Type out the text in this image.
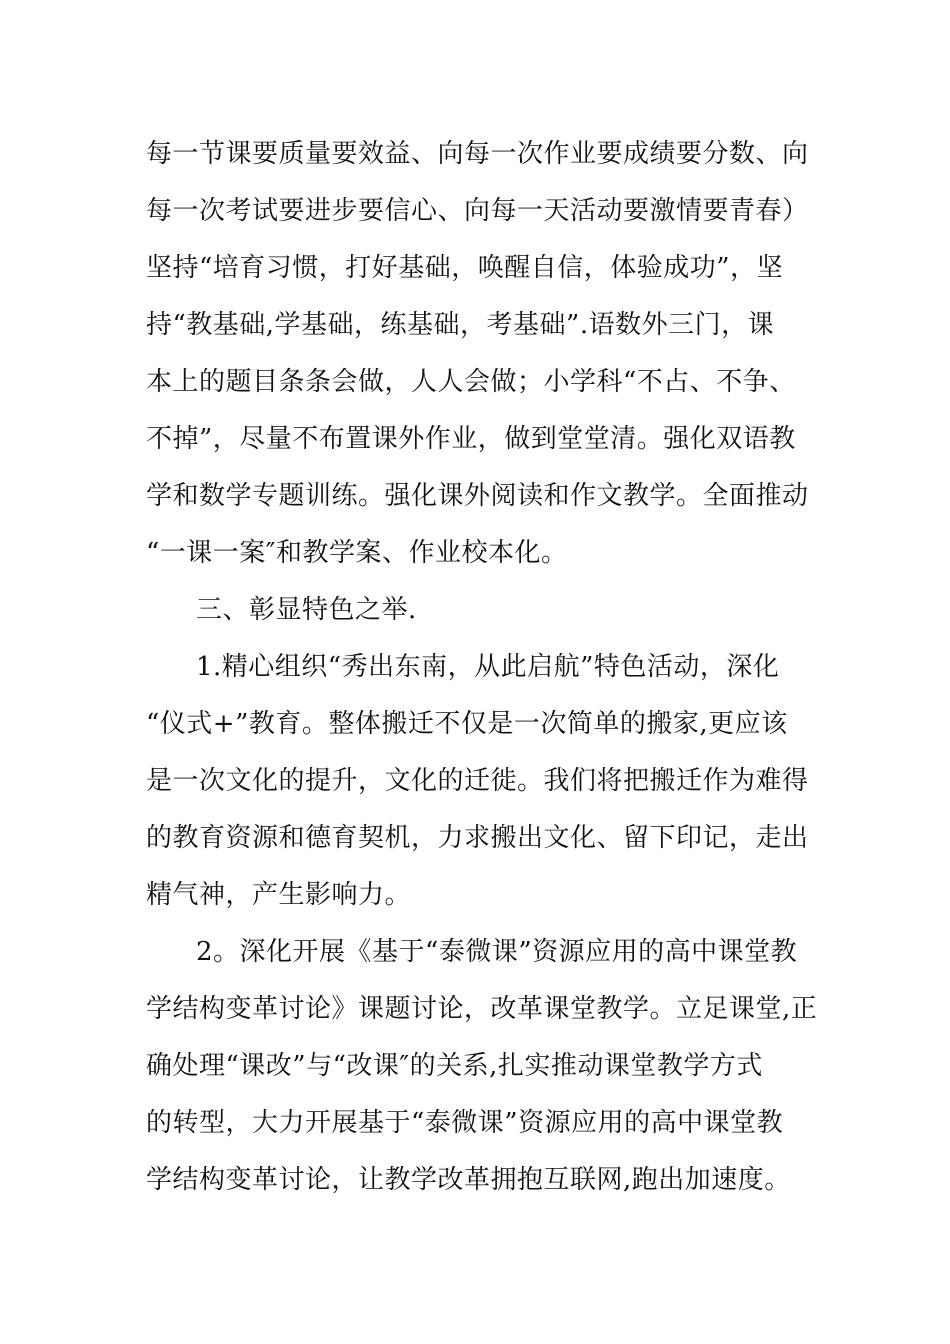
每一节课要质量要效益、向每一次作业要成绩要分数、向
每一次考试要进步要信心、向每一天活动要激情要青春）
坚持“培育习惯，打好基础，唤醒自信，体验成功”，坚
持“教基础,学基础，练基础，考基础”.语数外三门，课
本上的题目条条会做，人人会做；小学科“不占、不争、
不掉”，尽量不布置课外作业，做到堂堂清。强化双语教
学和数学专题训练。强化课外阅读和作文教学。全面推动
“一课一案″和教学案、作业校本化。
三、彰显特色之举.
1.精心组织“秀出东南，从此启航”特色活动，深化
“仪式+”教育。整体搬迁不仅是一次简单的搬家,更应该
是一次文化的提升，文化的迁徙。我们将把搬迁作为难得
的教育资源和德育契机，力求搬出文化、留下印记，走出
精气神，产生影响力。
2。深化开展《基于“泰微课”资源应用的高中课堂教
学结构变革讨论》课题讨论，改革课堂教学。立足课堂,正
确处理“课改”与“改课″的关系,扎实推动课堂教学方式
的转型，大力开展基于“泰微课”资源应用的高中课堂教
学结构变革讨论，让教学改革拥抱互联网,跑出加速度。
